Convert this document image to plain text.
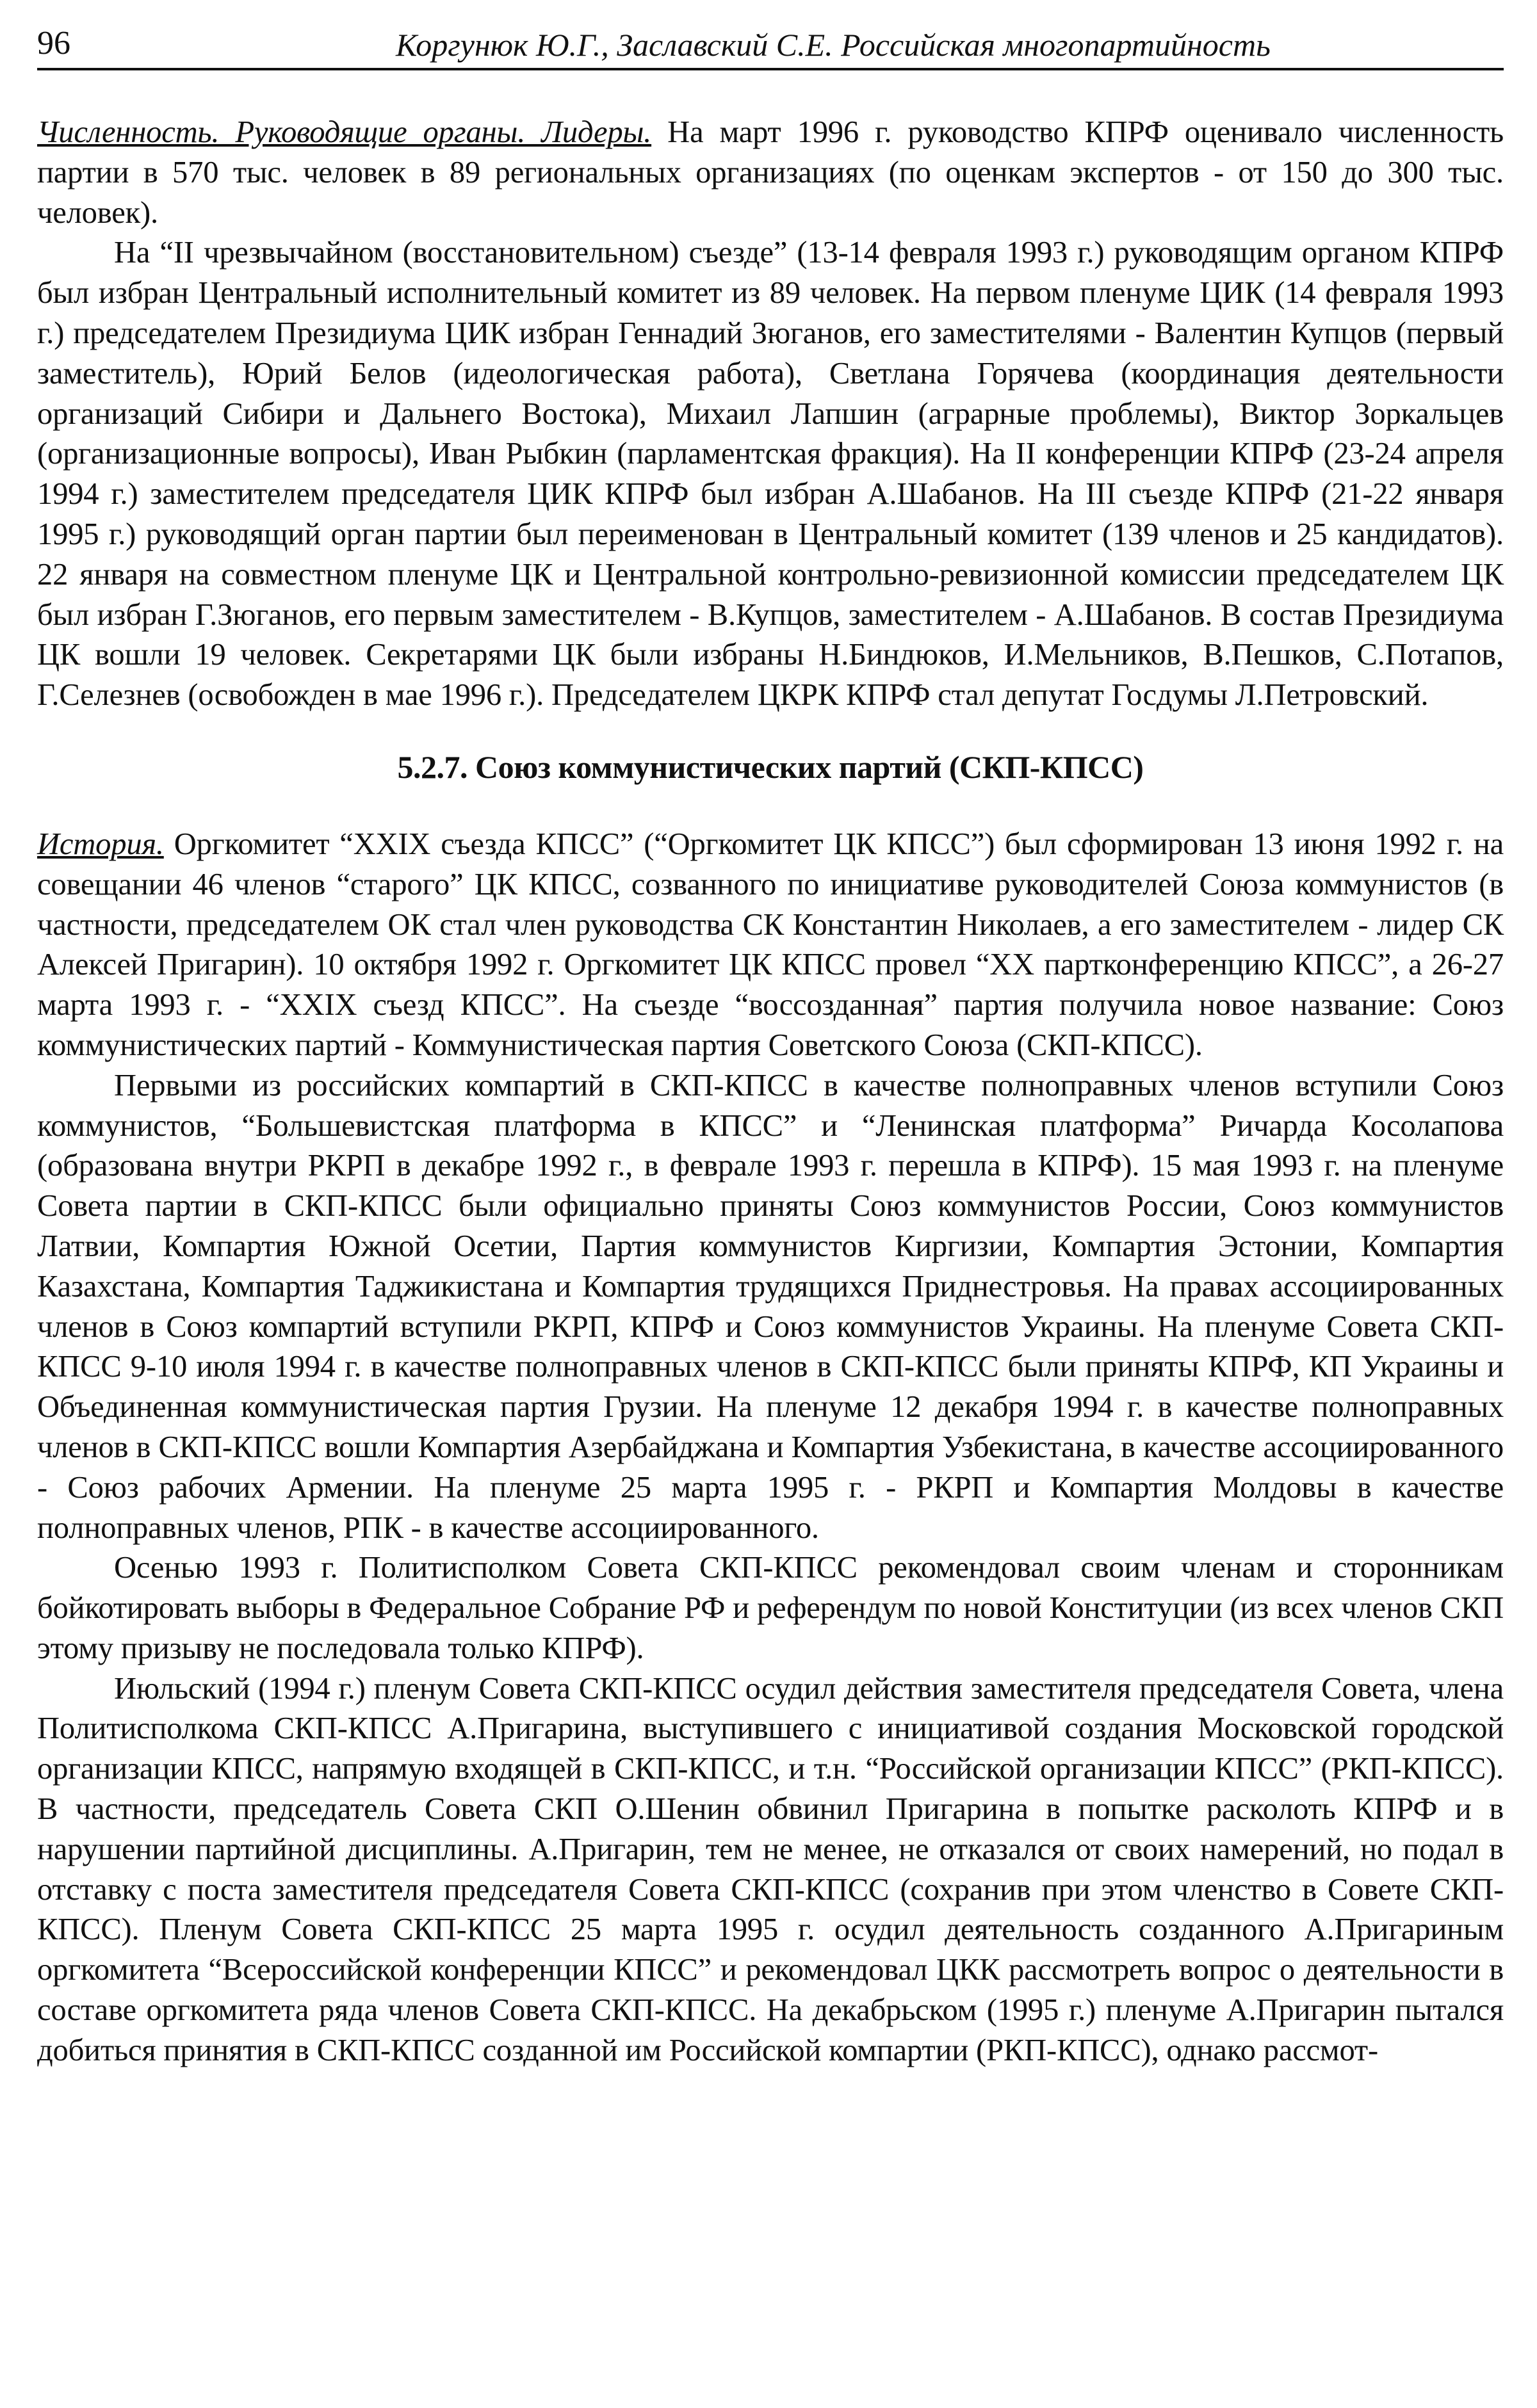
96	Коргунюк Ю.Г., Заславский С.Е. Российская многопартийность

Численность. Руководящие органы. Лидеры. На март 1996 г. руководство КПРФ оценивало численность партии в 570 тыс. человек в 89 региональных организациях (по оценкам экспертов - от 150 до 300 тыс. человек).

На “II чрезвычайном (восстановительном) съезде” (13-14 февраля 1993 г.) руководящим органом КПРФ был избран Центральный исполнительный комитет из 89 человек. На первом пленуме ЦИК (14 февраля 1993 г.) председателем Президиума ЦИК избран Геннадий Зюганов, его заместителями - Валентин Купцов (первый заместитель), Юрий Белов (идеологическая работа), Светлана Горячева (координация деятельности организаций Сибири и Дальнего Востока), Михаил Лапшин (аграрные проблемы), Виктор Зоркальцев (организационные вопросы), Иван Рыбкин (парламентская фракция). На II конференции КПРФ (23-24 апреля 1994 г.) заместителем председателя ЦИК КПРФ был избран А.Шабанов. На III съезде КПРФ (21-22 января 1995 г.) руководящий орган партии был переименован в Центральный комитет (139 членов и 25 кандидатов). 22 января на совместном пленуме ЦК и Центральной контрольно-ревизионной комиссии председателем ЦК был избран Г.Зюганов, его первым заместителем - В.Купцов, заместителем - А.Шабанов. В состав Президиума ЦК вошли 19 человек. Секретарями ЦК были избраны Н.Биндюков, И.Мельников, В.Пешков, С.Потапов, Г.Селезнев (освобожден в мае 1996 г.). Председателем ЦКРК КПРФ стал депутат Госдумы Л.Петровский.

5.2.7. Союз коммунистических партий (СКП-КПСС)

История. Оргкомитет “XXIX съезда КПСС” (“Оргкомитет ЦК КПСС”) был сформирован 13 июня 1992 г. на совещании 46 членов “старого” ЦК КПСС, созванного по инициативе руководителей Союза коммунистов (в частности, председателем ОК стал член руководства СК Константин Николаев, а его заместителем - лидер СК Алексей Пригарин). 10 октября 1992 г. Оргкомитет ЦК КПСС провел “XX партконференцию КПСС”, а 26-27 марта 1993 г. - “XXIX съезд КПСС”. На съезде “воссозданная” партия получила новое название: Союз коммунистических партий - Коммунистическая партия Советского Союза (СКП-КПСС).

Первыми из российских компартий в СКП-КПСС в качестве полноправных членов вступили Союз коммунистов, “Большевистская платформа в КПСС” и “Ленинская платформа” Ричарда Косолапова (образована внутри РКРП в декабре 1992 г., в феврале 1993 г. перешла в КПРФ). 15 мая 1993 г. на пленуме Совета партии в СКП-КПСС были официально приняты Союз коммунистов России, Союз коммунистов Латвии, Компартия Южной Осетии, Партия коммунистов Киргизии, Компартия Эстонии, Компартия Казахстана, Компартия Таджикистана и Компартия трудящихся Приднестровья. На правах ассоциированных членов в Союз компартий вступили РКРП, КПРФ и Союз коммунистов Украины. На пленуме Совета СКП-КПСС 9-10 июля 1994 г. в качестве полноправных членов в СКП-КПСС были приняты КПРФ, КП Украины и Объединенная коммунистическая партия Грузии. На пленуме 12 декабря 1994 г. в качестве полноправных членов в СКП-КПСС вошли Компартия Азербайджана и Компартия Узбекистана, в качестве ассоциированного - Союз рабочих Армении. На пленуме 25 марта 1995 г. - РКРП и Компартия Молдовы в качестве полноправных членов, РПК - в качестве ассоциированного.

Осенью 1993 г. Политисполком Совета СКП-КПСС рекомендовал своим членам и сторонникам бойкотировать выборы в Федеральное Собрание РФ и референдум по новой Конституции (из всех членов СКП этому призыву не последовала только КПРФ).

Июльский (1994 г.) пленум Совета СКП-КПСС осудил действия заместителя председателя Совета, члена Политисполкома СКП-КПСС А.Пригарина, выступившего с инициативой создания Московской городской организации КПСС, напрямую входящей в СКП-КПСС, и т.н. “Российской организации КПСС” (РКП-КПСС). В частности, председатель Совета СКП О.Шенин обвинил Пригарина в попытке расколоть КПРФ и в нарушении партийной дисциплины. А.Пригарин, тем не менее, не отказался от своих намерений, но подал в отставку с поста заместителя председателя Совета СКП-КПСС (сохранив при этом членство в Совете СКП-КПСС). Пленум Совета СКП-КПСС 25 марта 1995 г. осудил деятельность созданного А.Пригариным оргкомитета “Всероссийской конференции КПСС” и рекомендовал ЦКК рассмотреть вопрос о деятельности в составе оргкомитета ряда членов Совета СКП-КПСС. На декабрьском (1995 г.) пленуме А.Пригарин пытался добиться принятия в СКП-КПСС созданной им Российской компартии (РКП-КПСС), однако рассмот-
